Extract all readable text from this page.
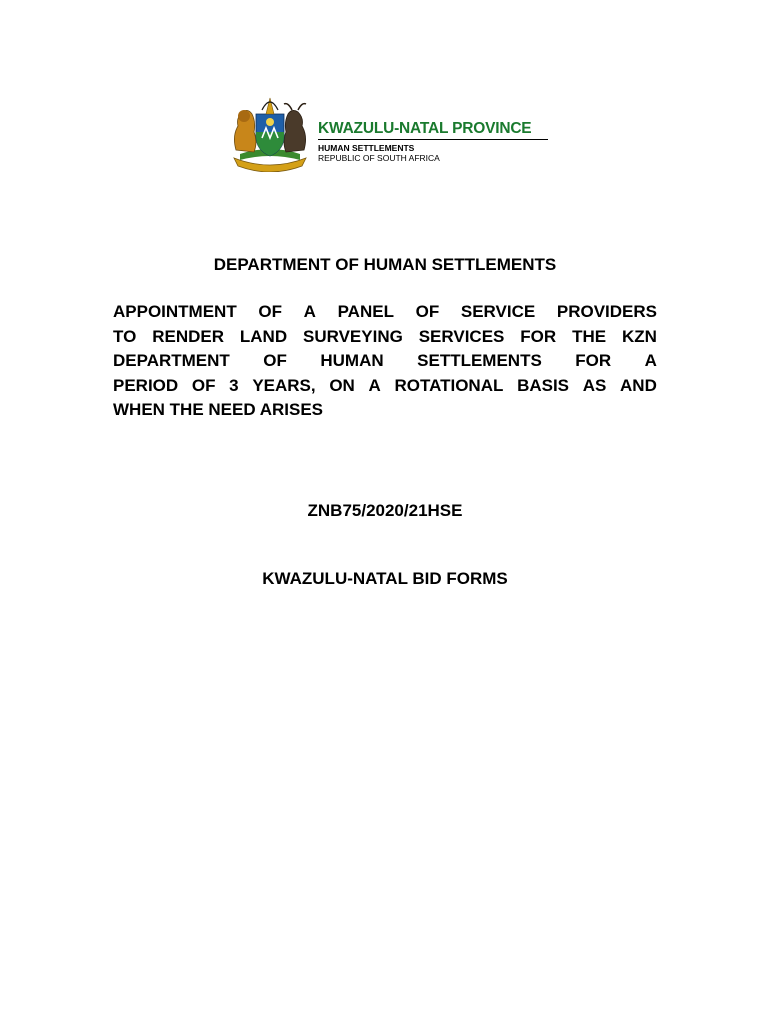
KWAZULU-NATAL PROVINCE
HUMAN SETTLEMENTS
REPUBLIC OF SOUTH AFRICA
DEPARTMENT OF HUMAN SETTLEMENTS
APPOINTMENT OF A PANEL OF SERVICE PROVIDERS
TO RENDER LAND SURVEYING SERVICES FOR THE KZN
DEPARTMENT OF HUMAN SETTLEMENTS FOR A
PERIOD OF 3 YEARS, ON A ROTATIONAL BASIS AS AND
WHEN THE NEED ARISES
ZNB75/2020/21HSE
KWAZULU-NATAL BID FORMS
